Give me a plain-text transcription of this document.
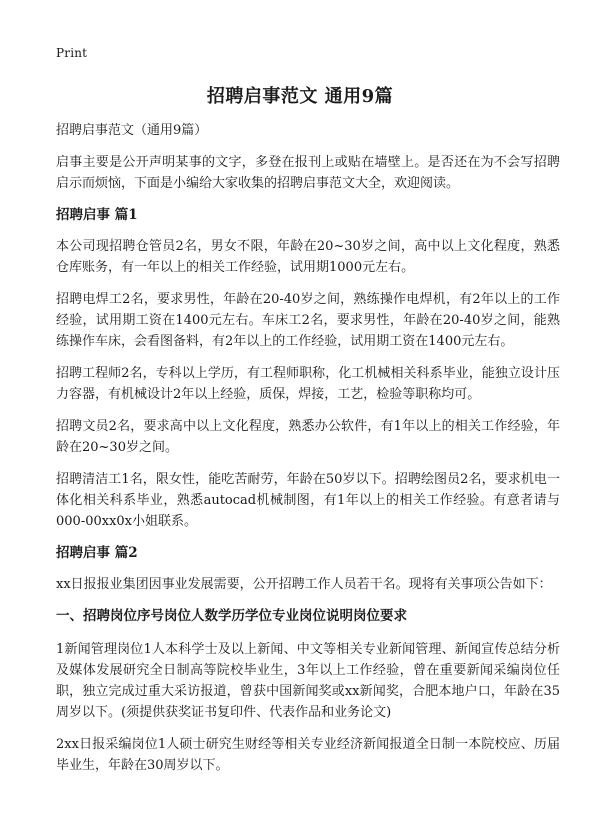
Print
招聘启事范文 通用9篇

招聘启事范文（通用9篇）

启事主要是公开声明某事的文字，多登在报刊上或贴在墙壁上。是否还在为不会写招聘启示而烦恼，下面是小编给大家收集的招聘启事范文大全，欢迎阅读。

招聘启事 篇1

本公司现招聘仓管员2名，男女不限，年龄在20~30岁之间，高中以上文化程度，熟悉仓库账务，有一年以上的相关工作经验，试用期1000元左右。

招聘电焊工2名，要求男性，年龄在20-40岁之间，熟练操作电焊机，有2年以上的工作经验，试用期工资在1400元左右。车床工2名，要求男性，年龄在20-40岁之间，能熟练操作车床，会看图备料，有2年以上的工作经验，试用期工资在1400元左右。

招聘工程师2名，专科以上学历，有工程师职称，化工机械相关科系毕业，能独立设计压力容器，有机械设计2年以上经验，质保，焊接，工艺，检验等职称均可。

招聘文员2名，要求高中以上文化程度，熟悉办公软件，有1年以上的相关工作经验，年龄在20~30岁之间。

招聘清洁工1名，限女性，能吃苦耐劳，年龄在50岁以下。招聘绘图员2名，要求机电一体化相关科系毕业，熟悉autocad机械制图，有1年以上的相关工作经验。有意者请与000-00xx0x小姐联系。

招聘启事 篇2

xx日报报业集团因事业发展需要，公开招聘工作人员若干名。现将有关事项公告如下：

一、招聘岗位序号岗位人数学历学位专业岗位说明岗位要求

1新闻管理岗位1人本科学士及以上新闻、中文等相关专业新闻管理、新闻宣传总结分析及媒体发展研究全日制高等院校毕业生，3年以上工作经验，曾在重要新闻采编岗位任职，独立完成过重大采访报道，曾获中国新闻奖或xx新闻奖，合肥本地户口，年龄在35周岁以下。(须提供获奖证书复印件、代表作品和业务论文)

2xx日报采编岗位1人硕士研究生财经等相关专业经济新闻报道全日制一本院校应、历届毕业生，年龄在30周岁以下。
